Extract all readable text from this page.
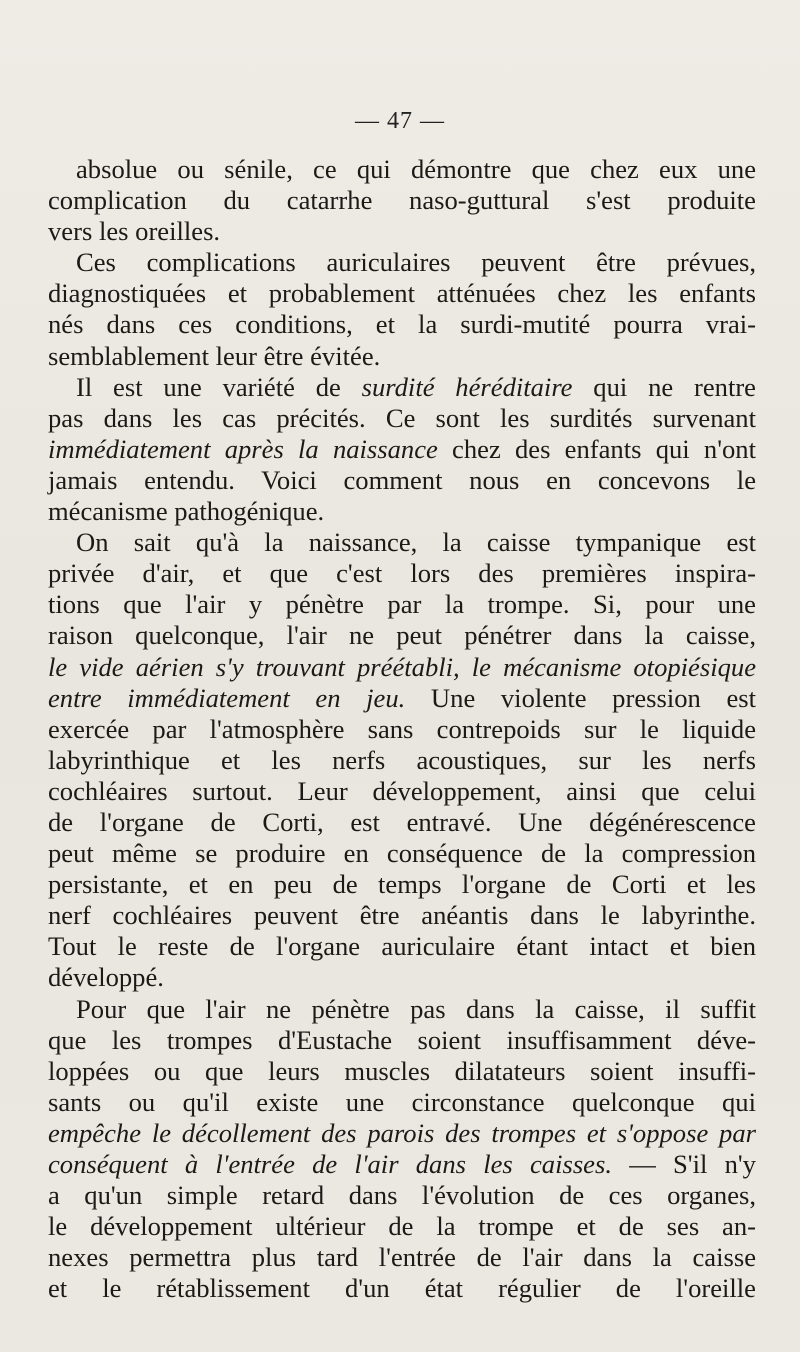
— 47 —
absolue ou sénile, ce qui démontre que chez eux une
complication du catarrhe naso-guttural s'est produite
vers les oreilles.
Ces complications auriculaires peuvent être prévues,
diagnostiquées et probablement atténuées chez les enfants
nés dans ces conditions, et la surdi-mutité pourra vrai-
semblablement leur être évitée.
Il est une variété de surdité héréditaire qui ne rentre
pas dans les cas précités. Ce sont les surdités survenant
immédiatement après la naissance chez des enfants qui n'ont
jamais entendu. Voici comment nous en concevons le
mécanisme pathogénique.
On sait qu'à la naissance, la caisse tympanique est
privée d'air, et que c'est lors des premières inspira-
tions que l'air y pénètre par la trompe. Si, pour une
raison quelconque, l'air ne peut pénétrer dans la caisse,
le vide aérien s'y trouvant préétabli, le mécanisme otopiésique
entre immédiatement en jeu. Une violente pression est
exercée par l'atmosphère sans contrepoids sur le liquide
labyrinthique et les nerfs acoustiques, sur les nerfs
cochléaires surtout. Leur développement, ainsi que celui
de l'organe de Corti, est entravé. Une dégénérescence
peut même se produire en conséquence de la compression
persistante, et en peu de temps l'organe de Corti et les
nerf cochléaires peuvent être anéantis dans le labyrinthe.
Tout le reste de l'organe auriculaire étant intact et bien
développé.
Pour que l'air ne pénètre pas dans la caisse, il suffit
que les trompes d'Eustache soient insuffisamment déve-
loppées ou que leurs muscles dilatateurs soient insuffi-
sants ou qu'il existe une circonstance quelconque qui
empêche le décollement des parois des trompes et s'oppose par
conséquent à l'entrée de l'air dans les caisses. — S'il n'y
a qu'un simple retard dans l'évolution de ces organes,
le développement ultérieur de la trompe et de ses an-
nexes permettra plus tard l'entrée de l'air dans la caisse
et le rétablissement d'un état régulier de l'oreille
